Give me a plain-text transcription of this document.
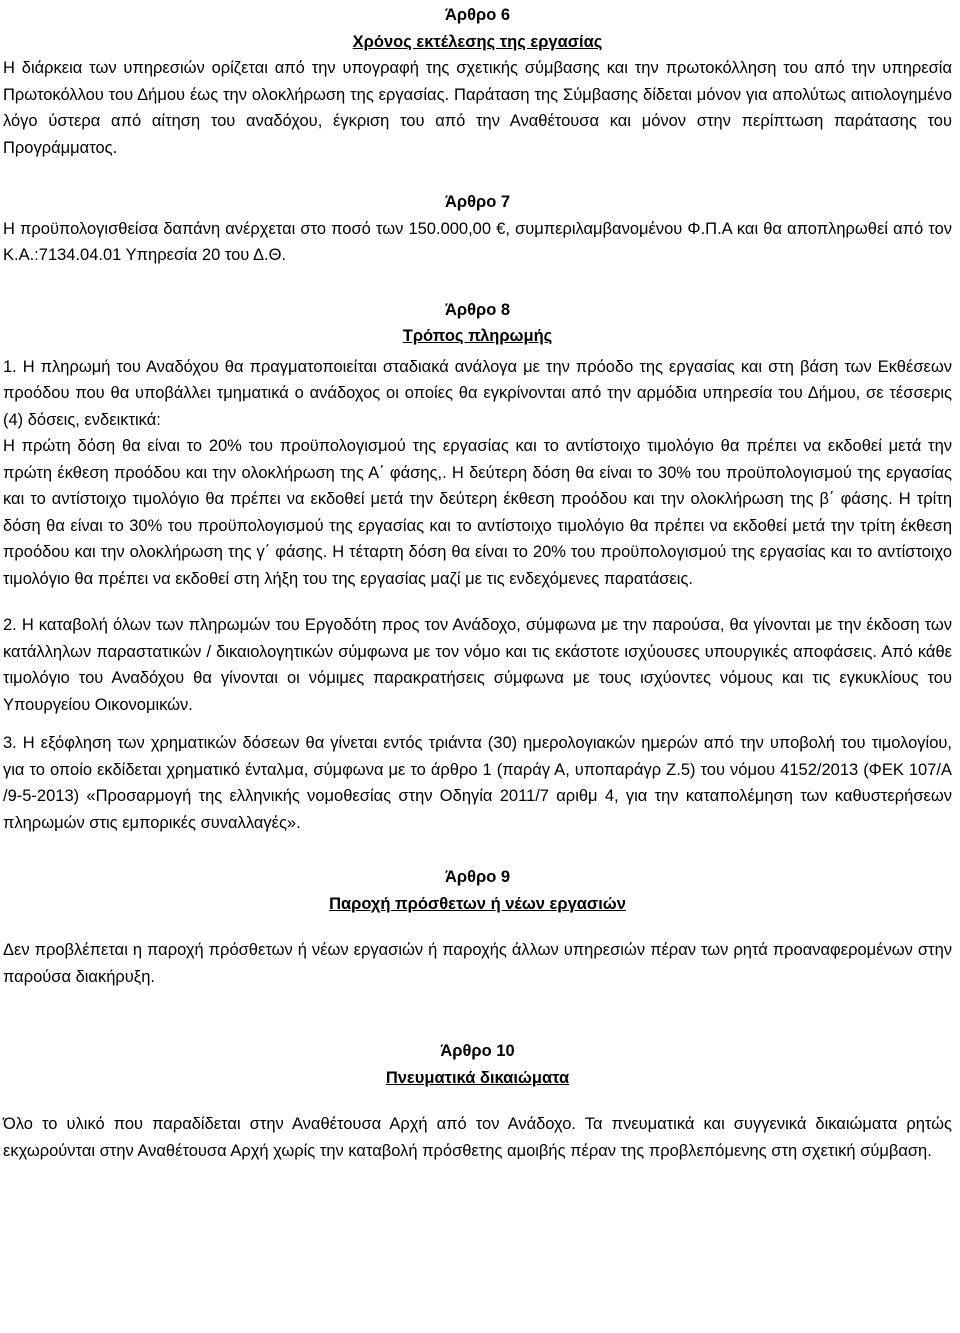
Άρθρο 6
Χρόνος εκτέλεσης της εργασίας

Η διάρκεια των υπηρεσιών ορίζεται από την υπογραφή της σχετικής σύμβασης και την πρωτοκόλληση του από την υπηρεσία Πρωτοκόλλου του Δήμου έως την ολοκλήρωση της εργασίας. Παράταση της Σύμβασης δίδεται μόνον για απολύτως αιτιολογημένο λόγο ύστερα από αίτηση του αναδόχου, έγκριση του από την Αναθέτουσα και μόνον στην περίπτωση παράτασης του Προγράμματος.

Άρθρο 7

Η προϋπολογισθείσα δαπάνη ανέρχεται στο ποσό των 150.000,00 €, συμπεριλαμβανομένου Φ.Π.Α και θα αποπληρωθεί από τον Κ.Α.:7134.04.01 Υπηρεσία 20 του Δ.Θ.

Άρθρο 8
Τρόπος πληρωμής

1. Η πληρωμή του Αναδόχου θα πραγματοποιείται σταδιακά ανάλογα με την πρόοδο της εργασίας και στη βάση των Εκθέσεων προόδου που θα υποβάλλει τμηματικά ο ανάδοχος οι οποίες θα εγκρίνονται από την αρμόδια υπηρεσία του Δήμου, σε τέσσερις (4) δόσεις, ενδεικτικά:

Η πρώτη δόση θα είναι το 20% του προϋπολογισμού της εργασίας και το αντίστοιχο τιμολόγιο θα πρέπει να εκδοθεί μετά την πρώτη έκθεση προόδου και την ολοκλήρωση της Α΄ φάσης,. Η δεύτερη δόση θα είναι το 30% του προϋπολογισμού της εργασίας και το αντίστοιχο τιμολόγιο θα πρέπει να εκδοθεί μετά την δεύτερη έκθεση προόδου και την ολοκλήρωση της β΄ φάσης. Η τρίτη δόση θα είναι το 30% του προϋπολογισμού της εργασίας και το αντίστοιχο τιμολόγιο θα πρέπει να εκδοθεί μετά την τρίτη έκθεση προόδου και την ολοκλήρωση της γ΄ φάσης. Η τέταρτη δόση θα είναι το 20% του προϋπολογισμού της εργασίας και το αντίστοιχο τιμολόγιο θα πρέπει να εκδοθεί στη λήξη του της εργασίας μαζί με τις ενδεχόμενες παρατάσεις.

2. Η καταβολή όλων των πληρωμών του Εργοδότη προς τον Ανάδοχο, σύμφωνα με την παρούσα, θα γίνονται με την έκδοση των κατάλληλων παραστατικών / δικαιολογητικών σύμφωνα με τον νόμο και τις εκάστοτε ισχύουσες υπουργικές αποφάσεις. Από κάθε τιμολόγιο του Αναδόχου θα γίνονται οι νόμιμες παρακρατήσεις σύμφωνα με τους ισχύοντες νόμους και τις εγκυκλίους του Υπουργείου Οικονομικών.

3. Η εξόφληση των χρηματικών δόσεων θα γίνεται εντός τριάντα (30) ημερολογιακών ημερών από την υποβολή του τιμολογίου, για το οποίο εκδίδεται χρηματικό ένταλμα, σύμφωνα με το άρθρο 1 (παράγ Α, υποπαράγρ Ζ.5) του νόμου 4152/2013 (ΦΕΚ 107/Α /9-5-2013) «Προσαρμογή της ελληνικής νομοθεσίας στην Οδηγία 2011/7 αριθμ 4, για την καταπολέμηση των καθυστερήσεων πληρωμών στις εμπορικές συναλλαγές».

Άρθρο 9
Παροχή πρόσθετων ή νέων εργασιών

Δεν προβλέπεται η παροχή πρόσθετων ή νέων εργασιών ή παροχής άλλων υπηρεσιών πέραν των ρητά προαναφερομένων στην παρούσα διακήρυξη.

Άρθρο 10
Πνευματικά δικαιώματα

Όλο το υλικό που παραδίδεται στην Αναθέτουσα Αρχή από τον Ανάδοχο. Τα πνευματικά και συγγενικά δικαιώματα ρητώς εκχωρούνται στην Αναθέτουσα Αρχή χωρίς την καταβολή πρόσθετης αμοιβής πέραν της προβλεπόμενης στη σχετική σύμβαση.
